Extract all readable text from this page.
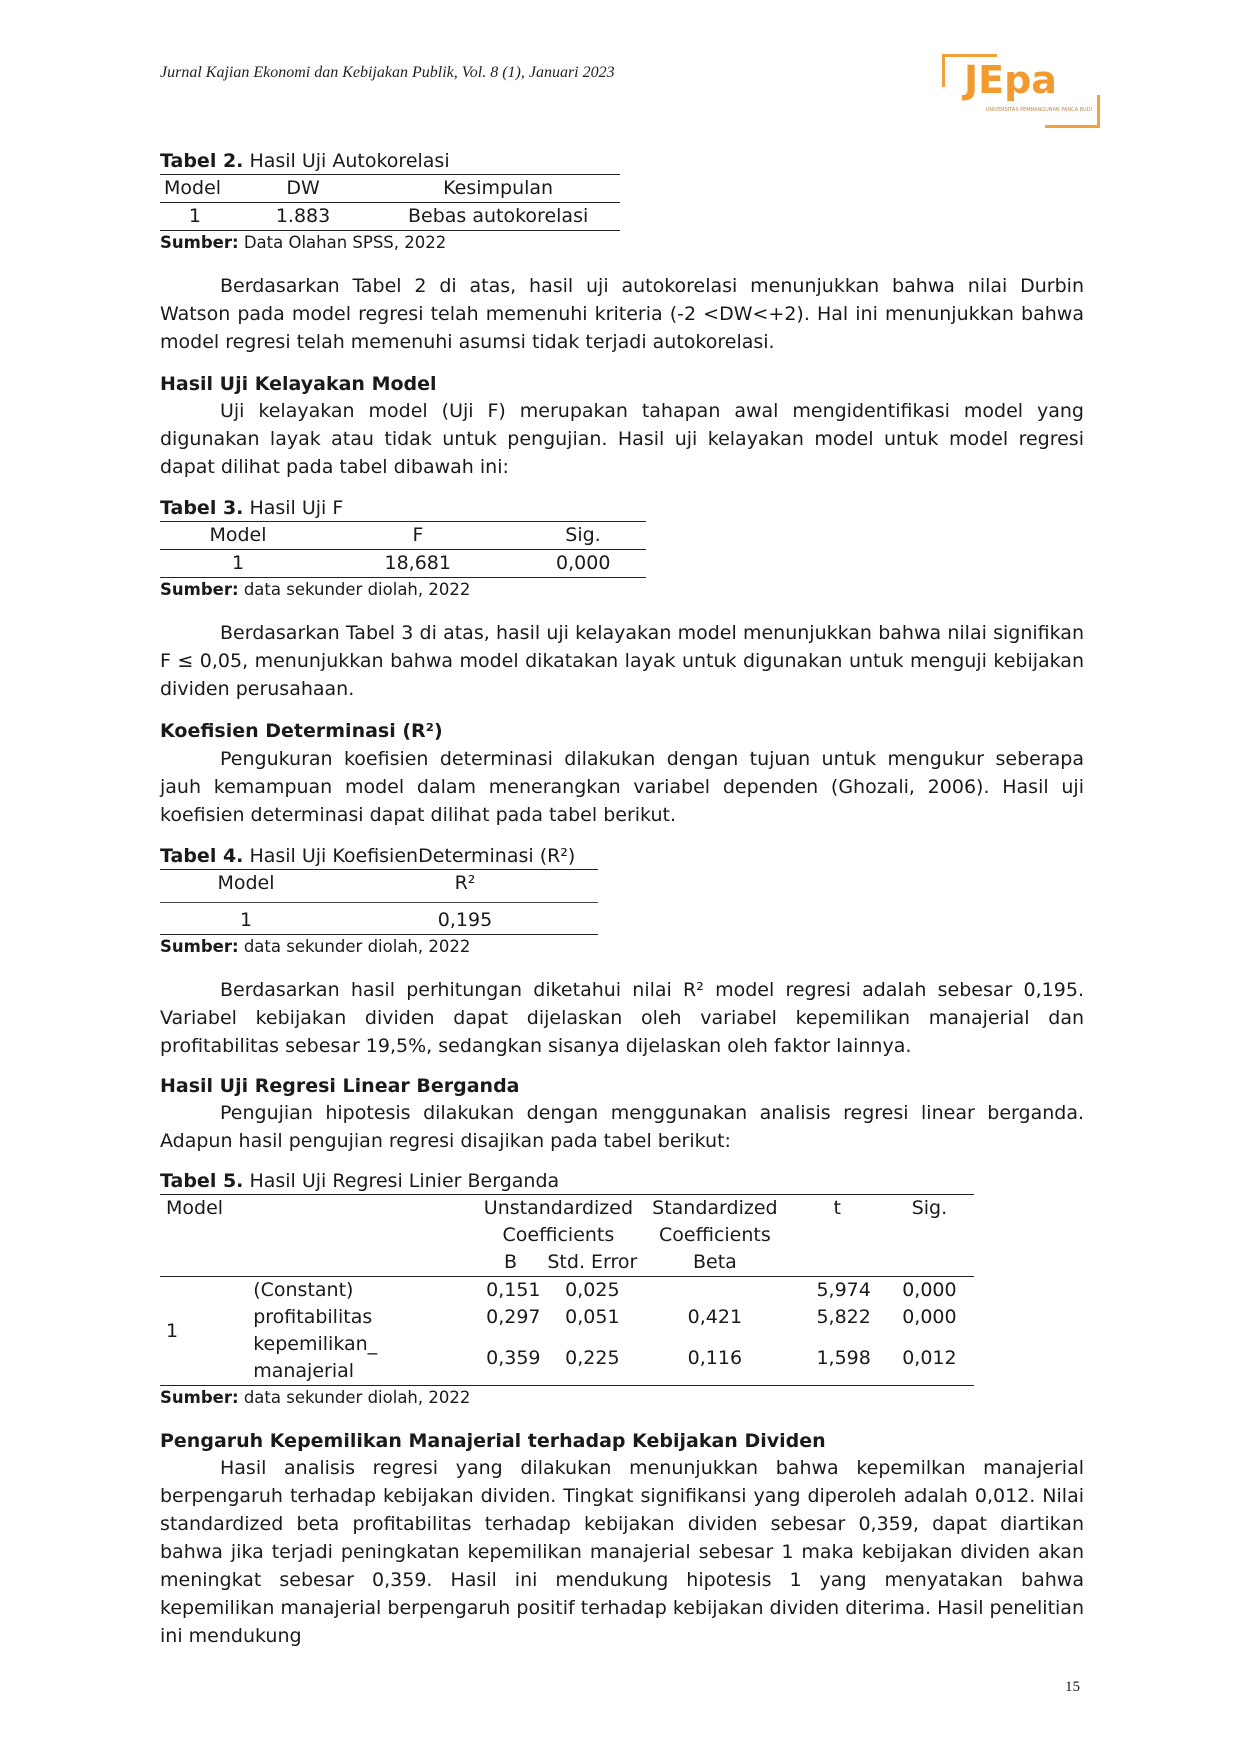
Jurnal Kajian Ekonomi dan Kebijakan Publik, Vol. 8 (1), Januari 2023	JEpa
UNIVERSITAS PEMBANGUNAN PANCA BUDI
Tabel 2. Hasil Uji Autokorelasi
Model	DW	Kesimpulan
1	1.883	Bebas autokorelasi
Sumber: Data Olahan SPSS, 2022

Berdasarkan Tabel 2 di atas, hasil uji autokorelasi menunjukkan bahwa nilai Durbin Watson pada model regresi telah memenuhi kriteria (-2 <DW<+2). Hal ini menunjukkan bahwa model regresi telah memenuhi asumsi tidak terjadi autokorelasi.

Hasil Uji Kelayakan Model

Uji kelayakan model (Uji F) merupakan tahapan awal mengidentifikasi model yang digunakan layak atau tidak untuk pengujian. Hasil uji kelayakan model untuk model regresi dapat dilihat pada tabel dibawah ini:

Tabel 3. Hasil Uji F
Model	F	Sig.
1	18,681	0,000
Sumber: data sekunder diolah, 2022

Berdasarkan Tabel 3 di atas, hasil uji kelayakan model menunjukkan bahwa nilai signifikan F ≤ 0,05, menunjukkan bahwa model dikatakan layak untuk digunakan untuk menguji kebijakan dividen perusahaan.

Koefisien Determinasi (R²)

Pengukuran koefisien determinasi dilakukan dengan tujuan untuk mengukur seberapa jauh kemampuan model dalam menerangkan variabel dependen (Ghozali, 2006). Hasil uji koefisien determinasi dapat dilihat pada tabel berikut.

Tabel 4. Hasil Uji KoefisienDeterminasi (R²)
Model	R²
1	0,195
Sumber: data sekunder diolah, 2022

Berdasarkan hasil perhitungan diketahui nilai R² model regresi adalah sebesar 0,195. Variabel kebijakan dividen dapat dijelaskan oleh variabel kepemilikan manajerial dan profitabilitas sebesar 19,5%, sedangkan sisanya dijelaskan oleh faktor lainnya.

Hasil Uji Regresi Linear Berganda

Pengujian hipotesis dilakukan dengan menggunakan analisis regresi linear berganda. Adapun hasil pengujian regresi disajikan pada tabel berikut:

Tabel 5. Hasil Uji Regresi Linier Berganda
Model		Unstandardized		Standardized	t	Sig.
		Coefficients		Coefficients		
		B	Std. Error	Beta		
1	(Constant)	0,151	0,025		5,974	0,000
	profitabilitas	0,297	0,051	0,421	5,822	0,000
	kepemilikan_	0,359	0,225	0,116	1,598	0,012
	manajerial					
Sumber: data sekunder diolah, 2022
Pengaruh Kepemilikan Manajerial terhadap Kebijakan Dividen

Hasil analisis regresi yang dilakukan menunjukkan bahwa kepemilkan manajerial berpengaruh terhadap kebijakan dividen. Tingkat signifikansi yang diperoleh adalah 0,012. Nilai standardized beta profitabilitas terhadap kebijakan dividen sebesar 0,359, dapat diartikan bahwa jika terjadi peningkatan kepemilikan manajerial sebesar 1 maka kebijakan dividen akan meningkat sebesar 0,359. Hasil ini mendukung hipotesis 1 yang menyatakan bahwa kepemilikan manajerial berpengaruh positif terhadap kebijakan dividen diterima. Hasil penelitian ini mendukung

15
